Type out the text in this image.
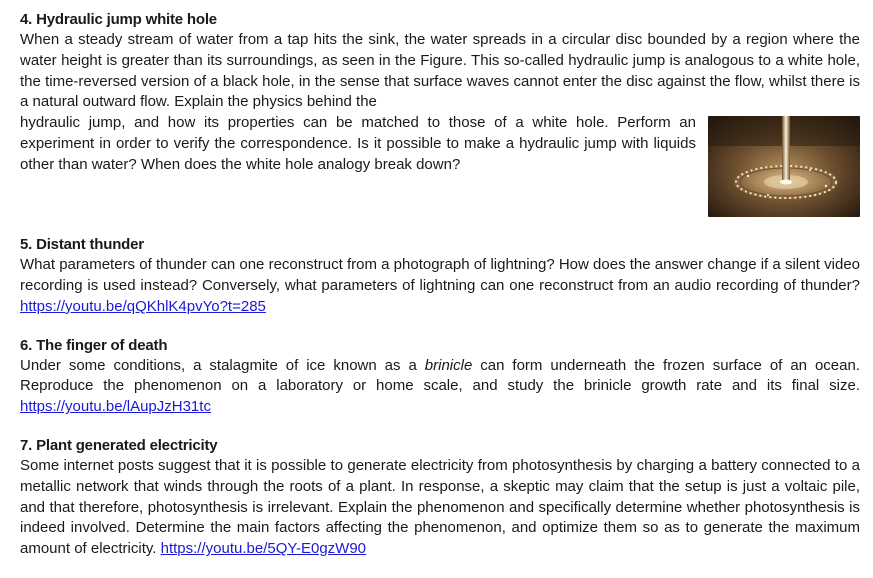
4. Hydraulic jump white hole

When a steady stream of water from a tap hits the sink, the water spreads in a circular disc bounded by a region where the water height is greater than its surroundings, as seen in the Figure. This so-called hydraulic jump is analogous to a white hole, the time-reversed version of a black hole, in the sense that surface waves cannot enter the disc against the flow, whilst there is a natural outward flow. Explain the physics behind the

hydraulic jump, and how its properties can be matched to those of a white hole. Perform an experiment in order to verify the correspondence. Is it possible to make a hydraulic jump with liquids other than water? When does the white hole analogy break down?

5. Distant thunder

What parameters of thunder can one reconstruct from a photograph of lightning? How does the answer change if a silent video recording is used instead? Conversely, what parameters of lightning can one reconstruct from an audio recording of thunder? https://youtu.be/qQKhlK4pvYo?t=285

6. The finger of death

Under some conditions, a stalagmite of ice known as a brinicle can form underneath the frozen surface of an ocean. Reproduce the phenomenon on a laboratory or home scale, and study the brinicle growth rate and its final size. https://youtu.be/lAupJzH31tc

7. Plant generated electricity

Some internet posts suggest that it is possible to generate electricity from photosynthesis by charging a battery connected to a metallic network that winds through the roots of a plant. In response, a skeptic may claim that the setup is just a voltaic pile, and that therefore, photosynthesis is irrelevant. Explain the phenomenon and specifically determine whether photosynthesis is indeed involved. Determine the main factors affecting the phenomenon, and optimize them so as to generate the maximum amount of electricity. https://youtu.be/5QY-E0gzW90
